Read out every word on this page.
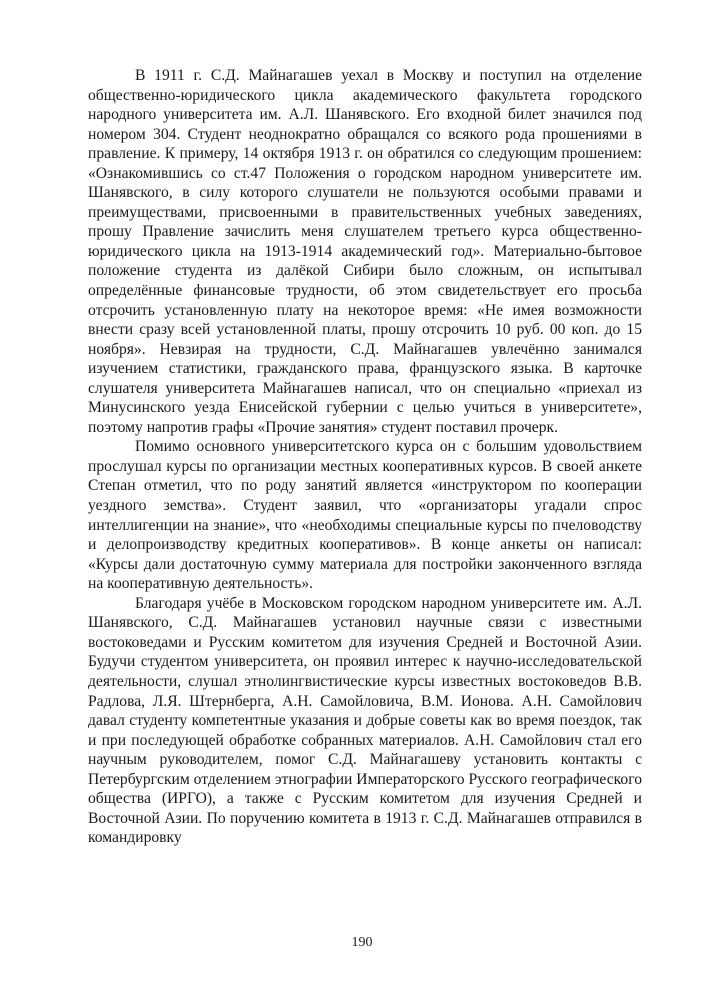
В 1911 г. С.Д. Майнагашев уехал в Москву и поступил на отделение общественно-юридического цикла академического факультета городского народного университета им. А.Л. Шанявского. Его входной билет значился под номером 304. Студент неоднократно обращался со всякого рода прошениями в правление. К примеру, 14 октября 1913 г. он обратился со следующим прошением: «Ознакомившись со ст.47 Положения о городском народном университете им. Шанявского, в силу которого слушатели не пользуются особыми правами и преимуществами, присвоенными в правительственных учебных заведениях, прошу Правление зачислить меня слушателем третьего курса общественно-юридического цикла на 1913-1914 академический год». Материально-бытовое положение студента из далёкой Сибири было сложным, он испытывал определённые финансовые трудности, об этом свидетельствует его просьба отсрочить установленную плату на некоторое время: «Не имея возможности внести сразу всей установленной платы, прошу отсрочить 10 руб. 00 коп. до 15 ноября». Невзирая на трудности, С.Д. Майнагашев увлечённо занимался изучением статистики, гражданского права, французского языка. В карточке слушателя университета Майнагашев написал, что он специально «приехал из Минусинского уезда Енисейской губернии с целью учиться в университете», поэтому напротив графы «Прочие занятия» студент поставил прочерк.

Помимо основного университетского курса он с большим удовольствием прослушал курсы по организации местных кооперативных курсов. В своей анкете Степан отметил, что по роду занятий является «инструктором по кооперации уездного земства». Студент заявил, что «организаторы угадали спрос интеллигенции на знание», что «необходимы специальные курсы по пчеловодству и делопроизводству кредитных кооперативов». В конце анкеты он написал: «Курсы дали достаточную сумму материала для постройки законченного взгляда на кооперативную деятельность».

Благодаря учёбе в Московском городском народном университете им. А.Л. Шанявского, С.Д. Майнагашев установил научные связи с известными востоковедами и Русским комитетом для изучения Средней и Восточной Азии. Будучи студентом университета, он проявил интерес к научно-исследовательской деятельности, слушал этнолингвистические курсы известных востоковедов В.В. Радлова, Л.Я. Штернберга, А.Н. Самойловича, В.М. Ионова. А.Н. Самойлович давал студенту компетентные указания и добрые советы как во время поездок, так и при последующей обработке собранных материалов. А.Н. Самойлович стал его научным руководителем, помог С.Д. Майнагашеву установить контакты с Петербургским отделением этнографии Императорского Русского географического общества (ИРГО), а также с Русским комитетом для изучения Средней и Восточной Азии. По поручению комитета в 1913 г. С.Д. Майнагашев отправился в командировку

190
